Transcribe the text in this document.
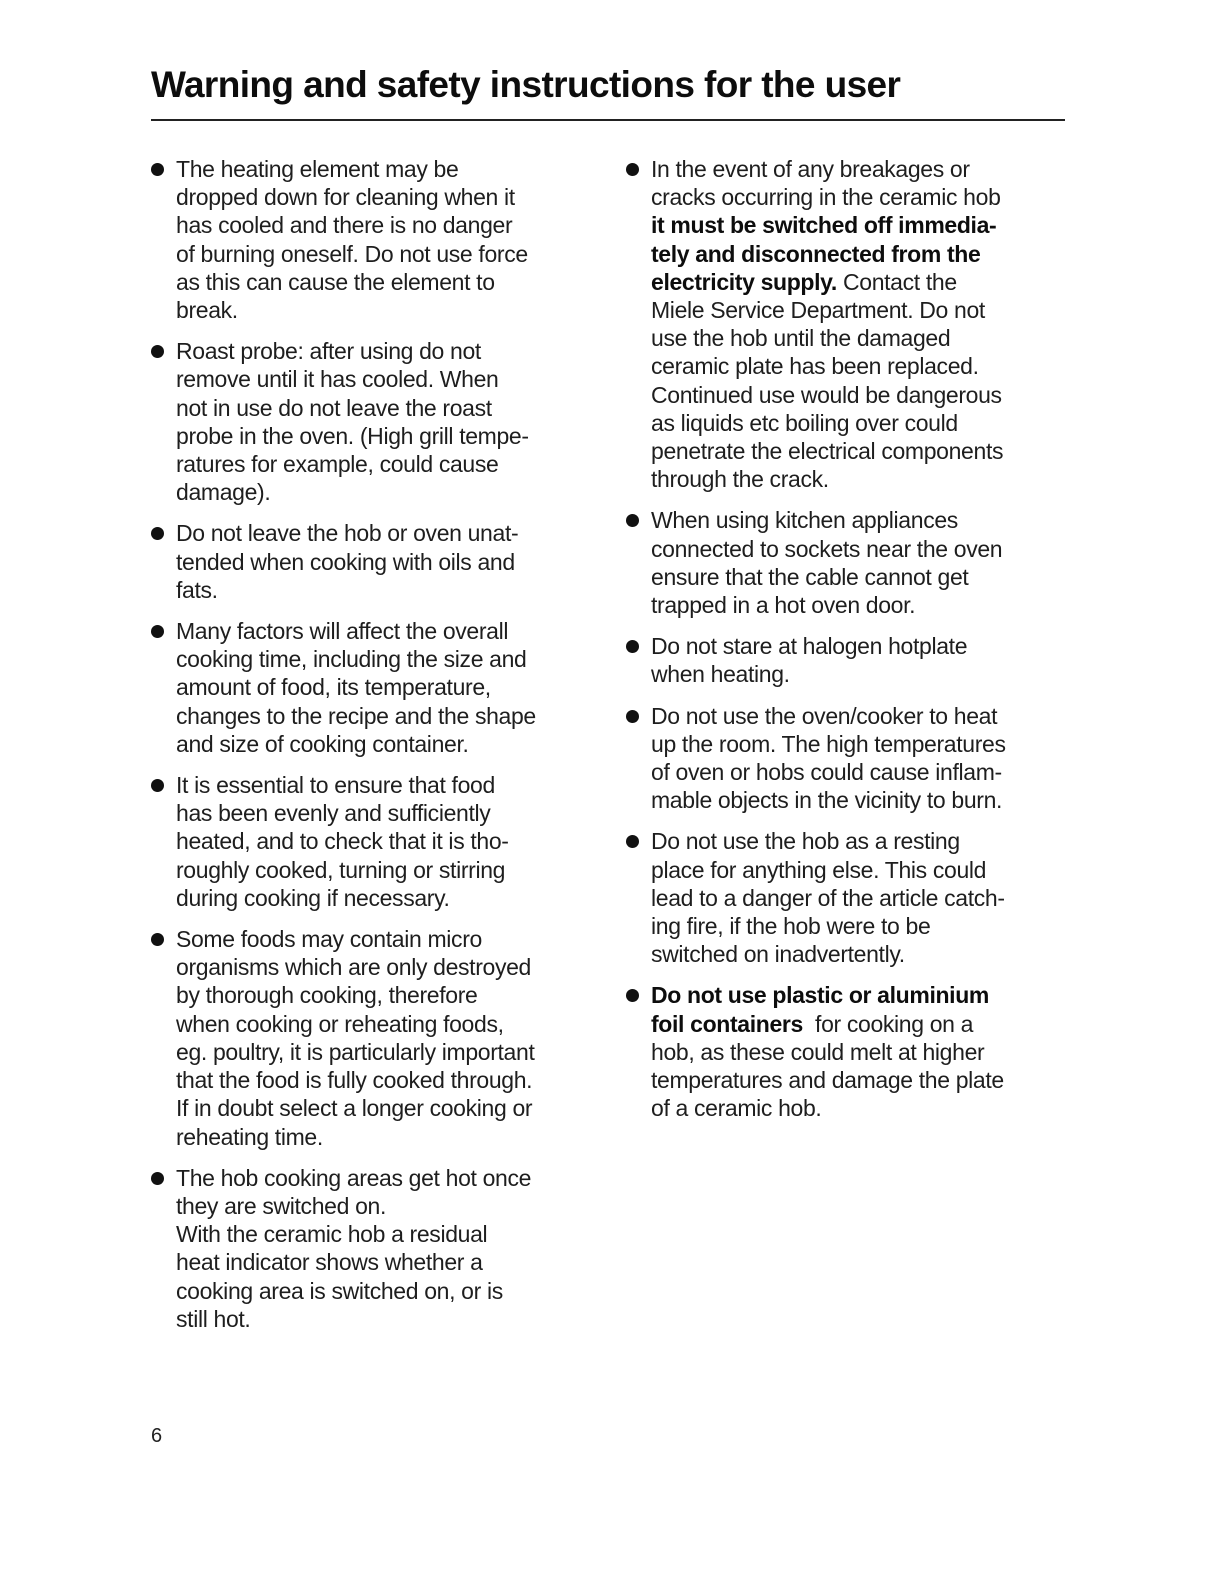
Warning and safety instructions for the user
The heating element may be
dropped down for cleaning when it
has cooled and there is no danger
of burning oneself. Do not use force
as this can cause the element to
break.
Roast probe: after using do not
remove until it has cooled. When
not in use do not leave the roast
probe in the oven. (High grill tempe-
ratures for example, could cause
damage).
Do not leave the hob or oven unat-
tended when cooking with oils and
fats.
Many factors will affect the overall
cooking time, including the size and
amount of food, its temperature,
changes to the recipe and the shape
and size of cooking container.
It is essential to ensure that food
has been evenly and sufficiently
heated, and to check that it is tho-
roughly cooked, turning or stirring
during cooking if necessary.
Some foods may contain micro
organisms which are only destroyed
by thorough cooking, therefore
when cooking or reheating foods,
eg. poultry, it is particularly important
that the food is fully cooked through.
If in doubt select a longer cooking or
reheating time.
The hob cooking areas get hot once
they are switched on.
With the ceramic hob a residual
heat indicator shows whether a
cooking area is switched on, or is
still hot.
In the event of any breakages or
cracks occurring in the ceramic hob
it must be switched off immedia-
tely and disconnected from the
electricity supply. Contact the
Miele Service Department. Do not
use the hob until the damaged
ceramic plate has been replaced.
Continued use would be dangerous
as liquids etc boiling over could
penetrate the electrical components
through the crack.
When using kitchen appliances
connected to sockets near the oven
ensure that the cable cannot get
trapped in a hot oven door.
Do not stare at halogen hotplate
when heating.
Do not use the oven/cooker to heat
up the room. The high temperatures
of oven or hobs could cause inflam-
mable objects in the vicinity to burn.
Do not use the hob as a resting
place for anything else. This could
lead to a danger of the article catch-
ing fire, if the hob were to be
switched on inadvertently.
Do not use plastic or aluminium
foil containers  for cooking on a
hob, as these could melt at higher
temperatures and damage the plate
of a ceramic hob.
6
